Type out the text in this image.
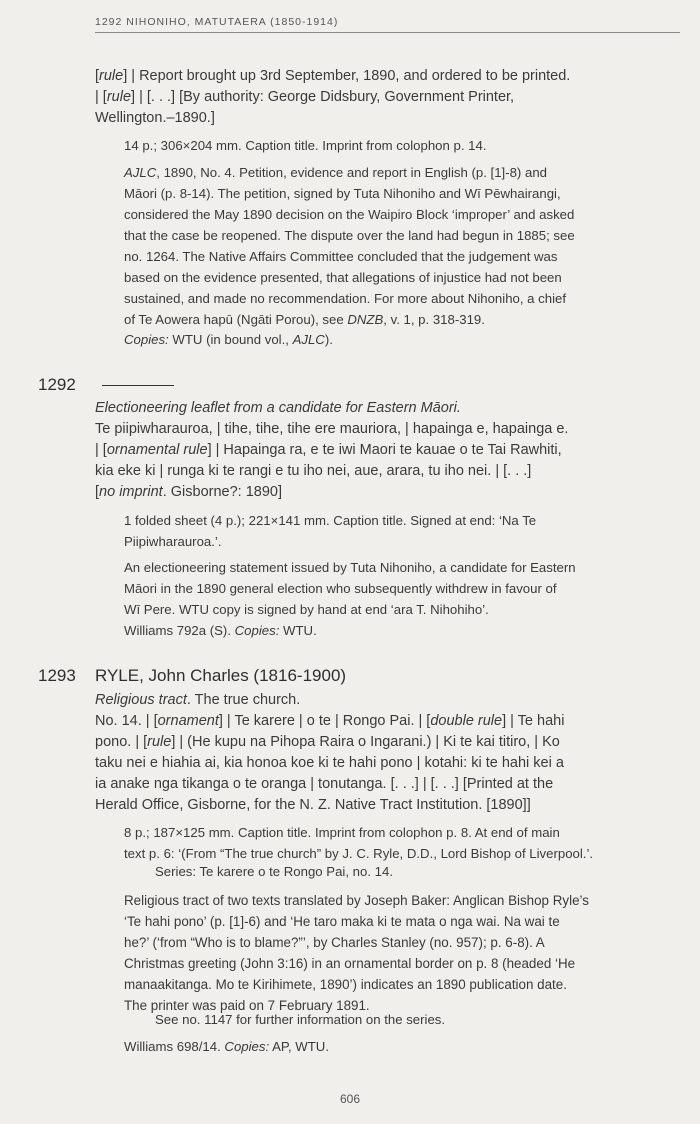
1292 NIHONIHO, MATUTAERA (1850-1914)
[rule] | Report brought up 3rd September, 1890, and ordered to be printed.
| [rule] | [. . .] [By authority: George Didsbury, Government Printer,
Wellington.–1890.]
14 p.; 306×204 mm. Caption title. Imprint from colophon p. 14.
AJLC, 1890, No. 4. Petition, evidence and report in English (p. [1]-8) and
Māori (p. 8-14). The petition, signed by Tuta Nihoniho and Wī Pēwhairangi,
considered the May 1890 decision on the Waipiro Block ‘improper’ and asked
that the case be reopened. The dispute over the land had begun in 1885; see
no. 1264. The Native Affairs Committee concluded that the judgement was
based on the evidence presented, that allegations of injustice had not been
sustained, and made no recommendation. For more about Nihoniho, a chief
of Te Aowera hapū (Ngāti Porou), see DNZB, v. 1, p. 318-319.
Copies: WTU (in bound vol., AJLC).
1292
Electioneering leaflet from a candidate for Eastern Māori.
Te piipiwharauroa, | tihe, tihe, tihe ere mauriora, | hapainga e, hapainga e.
| [ornamental rule] | Hapainga ra, e te iwi Maori te kauae o te Tai Rawhiti,
kia eke ki | runga ki te rangi e tu iho nei, aue, arara, tu iho nei. | [. . .]
[no imprint. Gisborne?: 1890]
1 folded sheet (4 p.); 221×141 mm. Caption title. Signed at end: ‘Na Te
Piipiwharauroa.’.
An electioneering statement issued by Tuta Nihoniho, a candidate for Eastern
Māori in the 1890 general election who subsequently withdrew in favour of
Wī Pere. WTU copy is signed by hand at end ‘ara T. Nihohiho’.
Williams 792a (S). Copies: WTU.
1293 RYLE, John Charles (1816-1900)
Religious tract. The true church.
No. 14. | [ornament] | Te karere | o te | Rongo Pai. | [double rule] | Te hahi
pono. | [rule] | (He kupu na Pihopa Raira o Ingarani.) | Ki te kai titiro, | Ko
taku nei e hiahia ai, kia honoa koe ki te hahi pono | kotahi: ki te hahi kei a
ia anake nga tikanga o te oranga | tonutanga. [. . .] | [. . .] [Printed at the
Herald Office, Gisborne, for the N. Z. Native Tract Institution. [1890]]
8 p.; 187×125 mm. Caption title. Imprint from colophon p. 8. At end of main
text p. 6: ‘(From “The true church” by J. C. Ryle, D.D., Lord Bishop of Liverpool.’.
Series: Te karere o te Rongo Pai, no. 14.
Religious tract of two texts translated by Joseph Baker: Anglican Bishop Ryle’s
‘Te hahi pono’ (p. [1]-6) and ‘He taro maka ki te mata o nga wai. Na wai te
he?’ (‘from “Who is to blame?”’, by Charles Stanley (no. 957); p. 6-8). A
Christmas greeting (John 3:16) in an ornamental border on p. 8 (headed ‘He
manaakitanga. Mo te Kirihimete, 1890’) indicates an 1890 publication date.
The printer was paid on 7 February 1891.
See no. 1147 for further information on the series.
Williams 698/14. Copies: AP, WTU.
606
